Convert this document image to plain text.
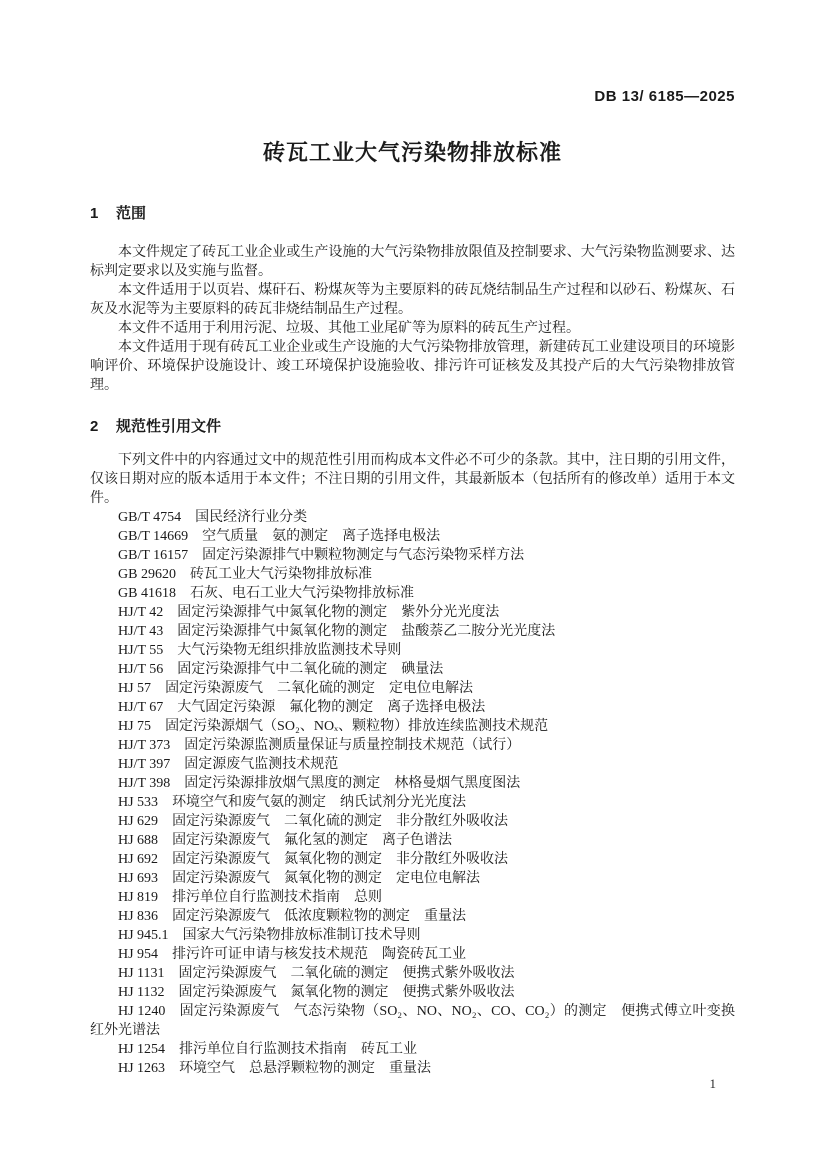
DB 13/ 6185—2025
砖瓦工业大气污染物排放标准
1 范围

本文件规定了砖瓦工业企业或生产设施的大气污染物排放限值及控制要求、大气污染物监测要求、达标判定要求以及实施与监督。

本文件适用于以页岩、煤矸石、粉煤灰等为主要原料的砖瓦烧结制品生产过程和以砂石、粉煤灰、石灰及水泥等为主要原料的砖瓦非烧结制品生产过程。

本文件不适用于利用污泥、垃圾、其他工业尾矿等为原料的砖瓦生产过程。

本文件适用于现有砖瓦工业企业或生产设施的大气污染物排放管理，新建砖瓦工业建设项目的环境影响评价、环境保护设施设计、竣工环境保护设施验收、排污许可证核发及其投产后的大气污染物排放管理。

2 规范性引用文件

下列文件中的内容通过文中的规范性引用而构成本文件必不可少的条款。其中，注日期的引用文件，仅该日期对应的版本适用于本文件；不注日期的引用文件，其最新版本（包括所有的修改单）适用于本文件。

GB/T 4754 国民经济行业分类

GB/T 14669 空气质量　氨的测定　离子选择电极法

GB/T 16157 固定污染源排气中颗粒物测定与气态污染物采样方法

GB 29620 砖瓦工业大气污染物排放标准

GB 41618 石灰、电石工业大气污染物排放标准

HJ/T 42 固定污染源排气中氮氧化物的测定　紫外分光光度法

HJ/T 43 固定污染源排气中氮氧化物的测定　盐酸萘乙二胺分光光度法

HJ/T 55 大气污染物无组织排放监测技术导则

HJ/T 56 固定污染源排气中二氧化硫的测定　碘量法

HJ 57 固定污染源废气　二氧化硫的测定　定电位电解法

HJ/T 67 大气固定污染源　氟化物的测定　离子选择电极法

HJ 75 固定污染源烟气（SO₂、NOₓ、颗粒物）排放连续监测技术规范

HJ/T 373 固定污染源监测质量保证与质量控制技术规范（试行）

HJ/T 397 固定源废气监测技术规范

HJ/T 398 固定污染源排放烟气黑度的测定　林格曼烟气黑度图法

HJ 533 环境空气和废气氨的测定　纳氏试剂分光光度法

HJ 629 固定污染源废气　二氧化硫的测定　非分散红外吸收法

HJ 688 固定污染源废气　氟化氢的测定　离子色谱法

HJ 692 固定污染源废气　氮氧化物的测定　非分散红外吸收法

HJ 693 固定污染源废气　氮氧化物的测定　定电位电解法

HJ 819 排污单位自行监测技术指南　总则

HJ 836 固定污染源废气　低浓度颗粒物的测定　重量法

HJ 945.1 国家大气污染物排放标准制订技术导则

HJ 954 排污许可证申请与核发技术规范　陶瓷砖瓦工业

HJ 1131 固定污染源废气　二氧化硫的测定　便携式紫外吸收法

HJ 1132 固定污染源废气　氮氧化物的测定　便携式紫外吸收法

HJ 1240 固定污染源废气　气态污染物（SO₂、NO、NO₂、CO、CO₂）的测定　便携式傅立叶变换红外光谱法

HJ 1254 排污单位自行监测技术指南　砖瓦工业

HJ 1263 环境空气　总悬浮颗粒物的测定　重量法

1
